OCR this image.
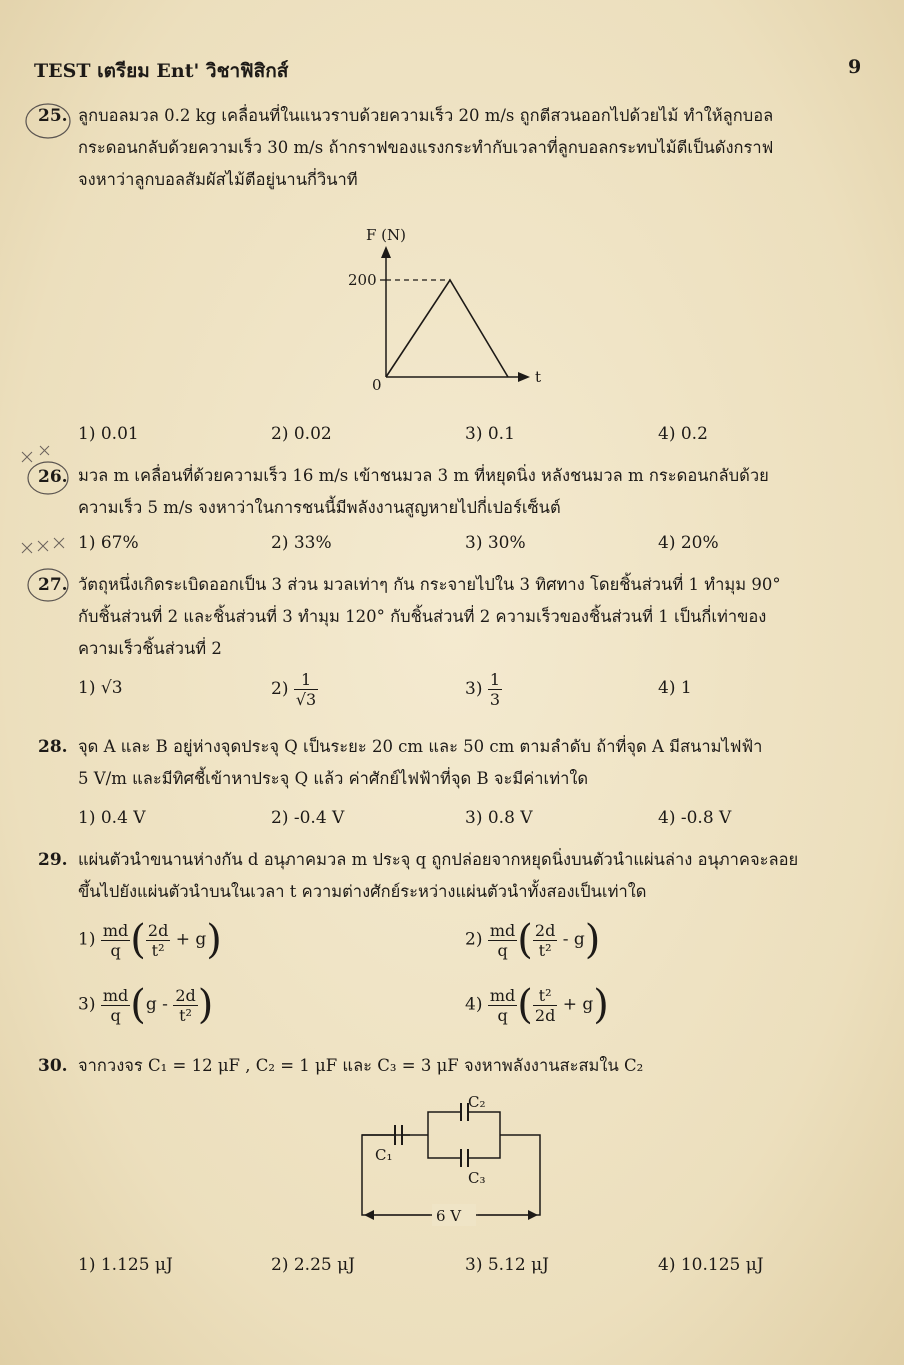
TEST เตรียม Ent' วิชาฟิสิกส์	9
25. ลูกบอลมวล 0.2 kg เคลื่อนที่ในแนวราบด้วยความเร็ว 20 m/s ถูกตีสวนออกไปด้วยไม้ ทำให้ลูกบอล
กระดอนกลับด้วยความเร็ว 30 m/s ถ้ากราฟของแรงกระทำกับเวลาที่ลูกบอลกระทบไม้ตีเป็นดังกราฟ
จงหาว่าลูกบอลสัมผัสไม้ตีอยู่นานกี่วินาที
F (N)
t
200
0
1) 0.01	2) 0.02	3) 0.1	4) 0.2
26. มวล m เคลื่อนที่ด้วยความเร็ว 16 m/s เข้าชนมวล 3 m ที่หยุดนิ่ง หลังชนมวล m กระดอนกลับด้วย
ความเร็ว 5 m/s จงหาว่าในการชนนี้มีพลังงานสูญหายไปกี่เปอร์เซ็นต์
1) 67%	2) 33%	3) 30%	4) 20%
27. วัตถุหนึ่งเกิดระเบิดออกเป็น 3 ส่วน มวลเท่าๆ กัน กระจายไปใน 3 ทิศทาง โดยชิ้นส่วนที่ 1 ทำมุม 90°
กับชิ้นส่วนที่ 2 และชิ้นส่วนที่ 3 ทำมุม 120° กับชิ้นส่วนที่ 2 ความเร็วของชิ้นส่วนที่ 1 เป็นกี่เท่าของ
ความเร็วชิ้นส่วนที่ 2
1) √3	$2) \frac{1}{√3}$	$3) \frac{1}{3}$	4) 1
28. จุด A และ B อยู่ห่างจุดประจุ Q เป็นระยะ 20 cm และ 50 cm ตามลำดับ ถ้าที่จุด A มีสนามไฟฟ้า
5 V/m และมีทิศชี้เข้าหาประจุ Q แล้ว ค่าศักย์ไฟฟ้าที่จุด B จะมีค่าเท่าใด
1) 0.4 V	2) -0.4 V	3) 0.8 V	4) -0.8 V
29. แผ่นตัวนำขนานห่างกัน d อนุภาคมวล m ประจุ q ถูกปล่อยจากหยุดนิ่งบนตัวนำแผ่นล่าง อนุภาคจะลอย
ขึ้นไปยังแผ่นตัวนำบนในเวลา t ความต่างศักย์ระหว่างแผ่นตัวนำทั้งสองเป็นเท่าใด
$1) \frac{md}{q}$ ( $\frac{2d}{\text{t²}} + g$)	$2) \frac{md}{q}$ ( $\frac{2d}{\text{t²}} - g$)
$3) \frac{md}{q} (g - \frac{2d}{\text{t²}}$ )	$4) \frac{md}{q}$ ( $\frac{\text{t²}}{2d} + g$)
30. จากวงจร C₁ = 12 μF , C₂ = 1 μF และ C₃ = 3 μF จงหาพลังงานสะสมใน C₂
C₁
C₂
C₃
6 V
1) 1.125 μJ	2) 2.25 μJ	3) 5.12 μJ	4) 10.125 μJ
